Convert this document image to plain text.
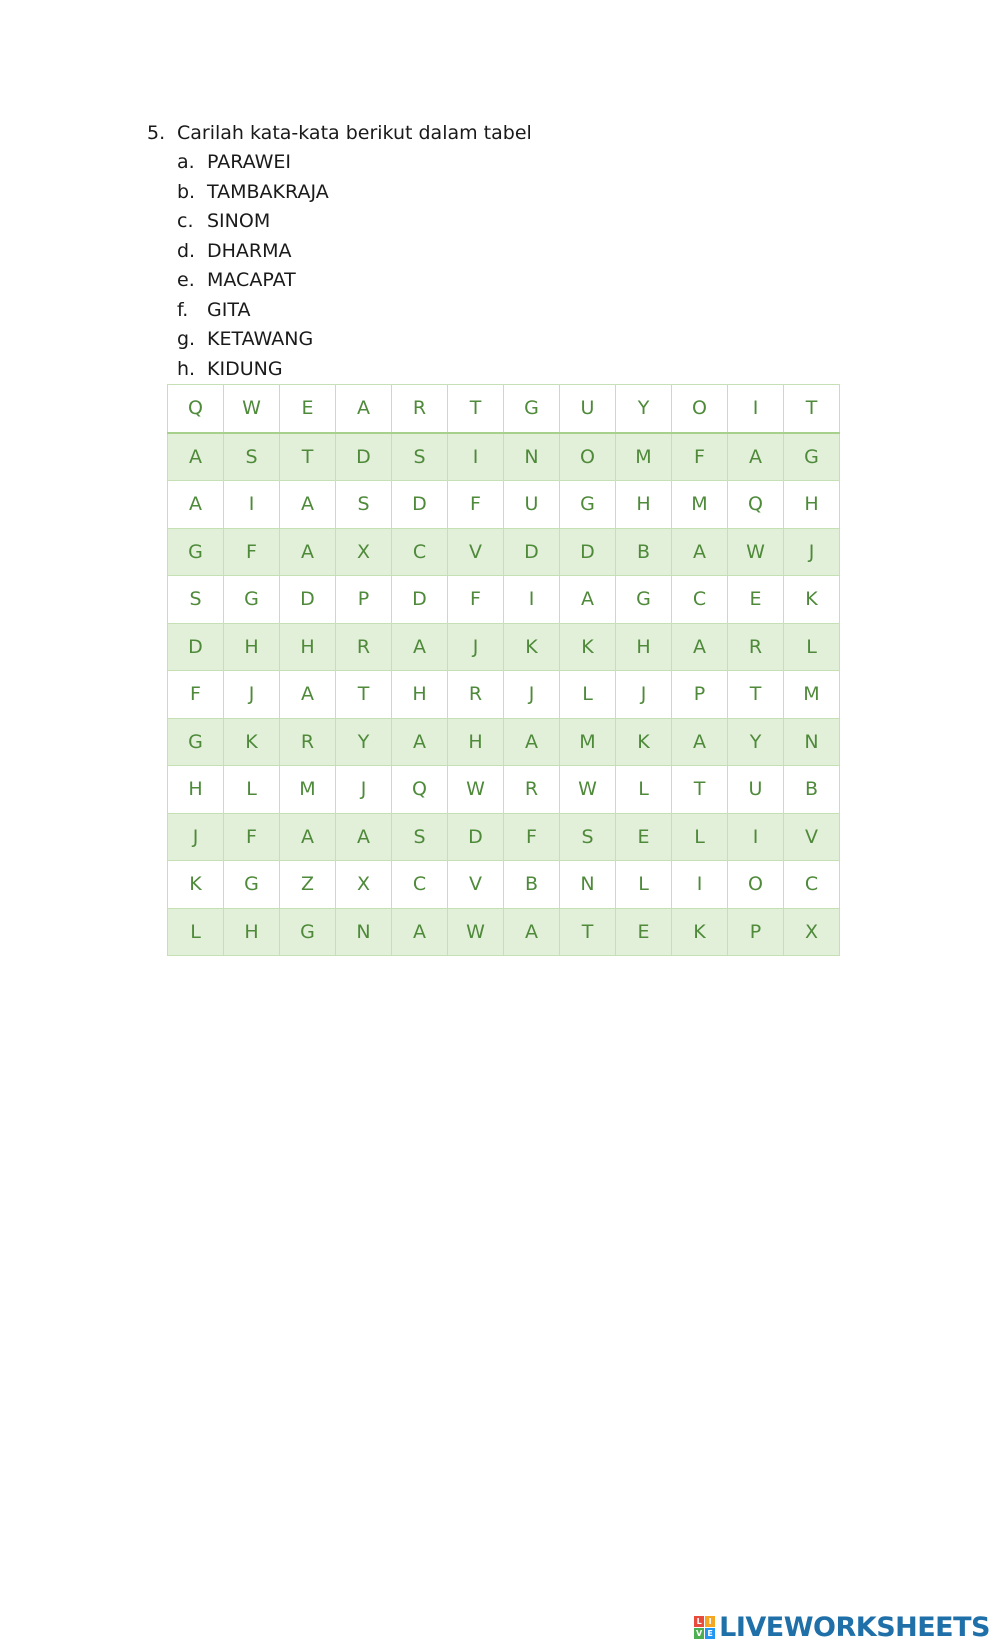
5. Carilah kata-kata berikut dalam tabel
a. PARAWEI
b. TAMBAKRAJA
c. SINOM
d. DHARMA
e. MACAPAT
f. GITA
g. KETAWANG
h. KIDUNG
Q	W	E	A	R	T	G	U	Y	O	I	T
A	S	T	D	S	I	N	O	M	F	A	G
A	I	A	S	D	F	U	G	H	M	Q	H
G	F	A	X	C	V	D	D	B	A	W	J
S	G	D	P	D	F	I	A	G	C	E	K
D	H	H	R	A	J	K	K	H	A	R	L
F	J	A	T	H	R	J	L	J	P	T	M
G	K	R	Y	A	H	A	M	K	A	Y	N
H	L	M	J	Q	W	R	W	L	T	U	B
J	F	A	A	S	D	F	S	E	L	I	V
K	G	Z	X	C	V	B	N	L	I	O	C
L	H	G	N	A	W	A	T	E	K	P	X
L I
V E LIVEWORKSHEETS
